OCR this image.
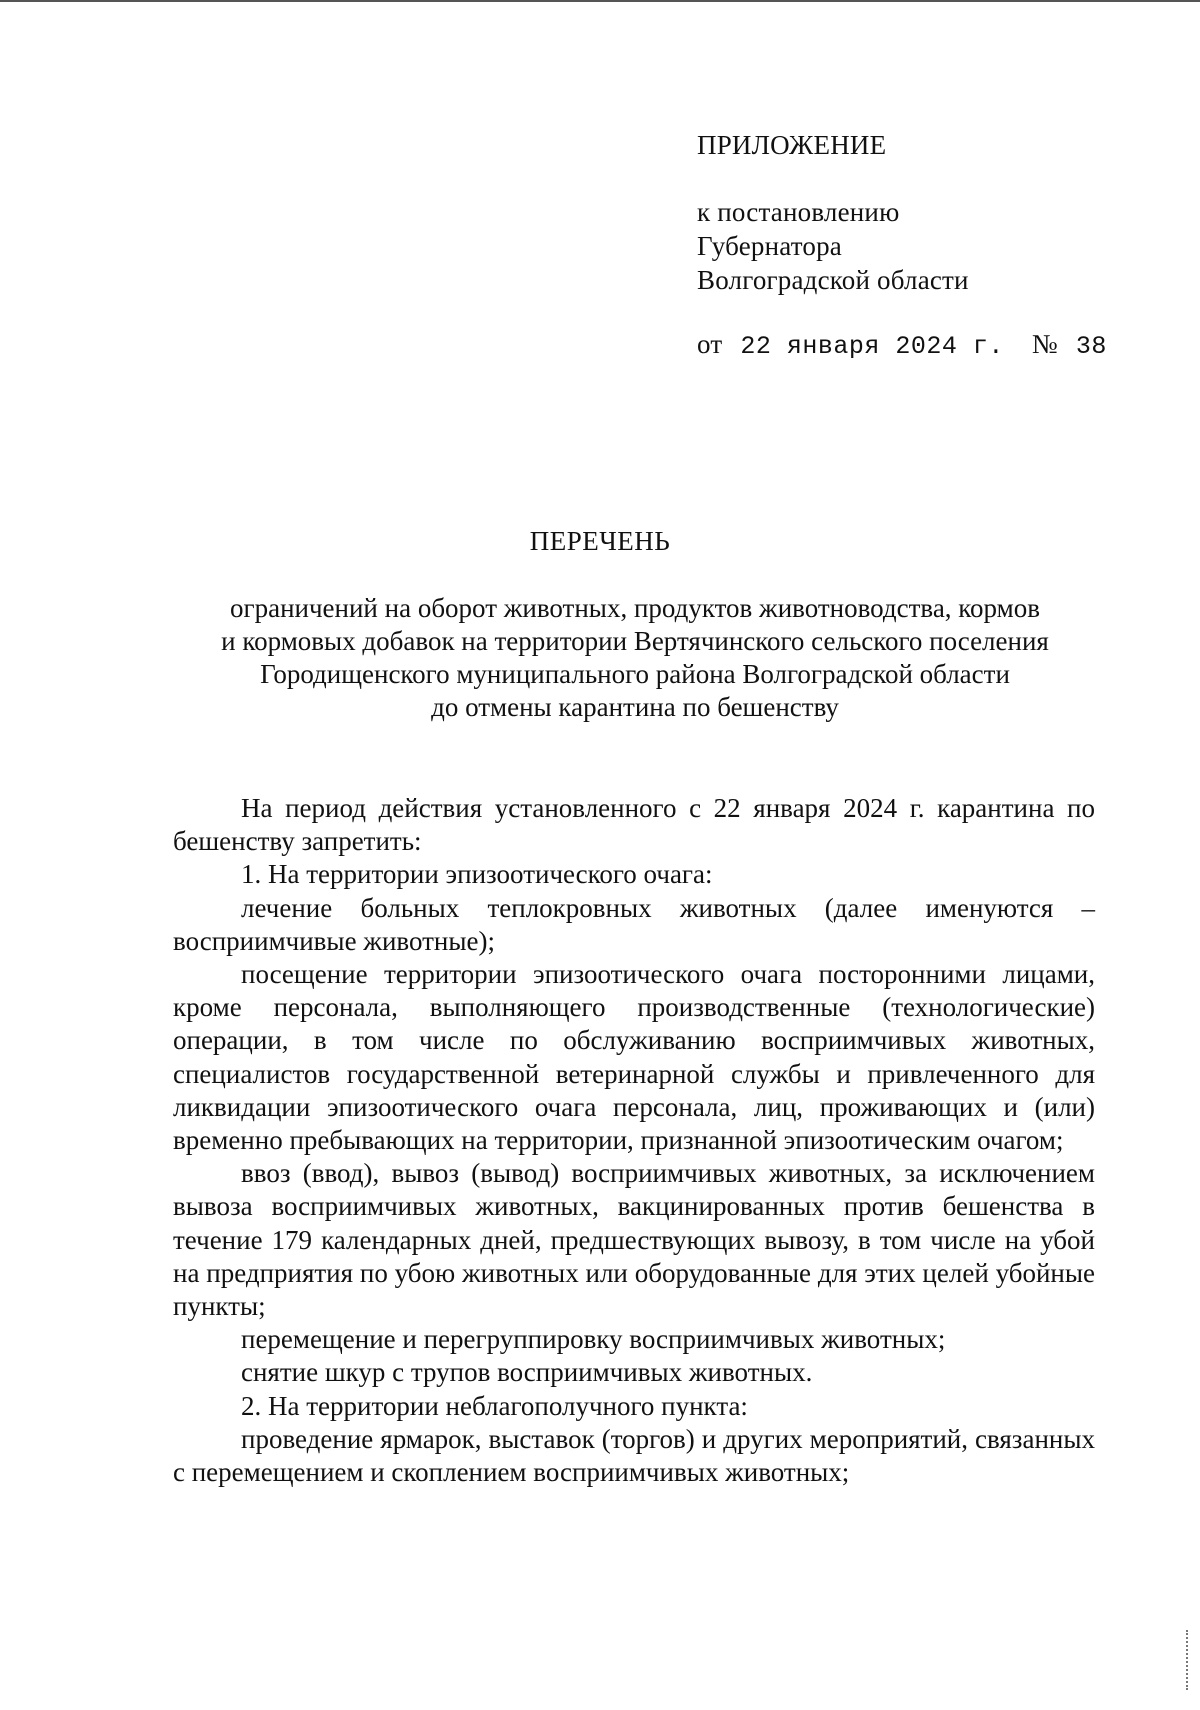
ПРИЛОЖЕНИЕ
к постановлению
Губернатора
Волгоградской области
от 22 января 2024 г. № 38
ПЕРЕЧЕНЬ
ограничений на оборот животных, продуктов животноводства, кормов
и кормовых добавок на территории Вертячинского сельского поселения
Городищенского муниципального района Волгоградской области
до отмены карантина по бешенству

На период действия установленного с 22 января 2024 г. карантина по бешенству запретить:

1. На территории эпизоотического очага:

лечение больных теплокровных животных (далее именуются – восприимчивые животные);

посещение территории эпизоотического очага посторонними лицами, кроме персонала, выполняющего производственные (технологические) операции, в том числе по обслуживанию восприимчивых животных, специалистов государственной ветеринарной службы и привлеченного для ликвидации эпизоотического очага персонала, лиц, проживающих и (или) временно пребывающих на территории, признанной эпизоотическим очагом;

ввоз (ввод), вывоз (вывод) восприимчивых животных, за исключением вывоза восприимчивых животных, вакцинированных против бешенства в течение 179 календарных дней, предшествующих вывозу, в том числе на убой на предприятия по убою животных или оборудованные для этих целей убойные пункты;

перемещение и перегруппировку восприимчивых животных;

снятие шкур с трупов восприимчивых животных.

2. На территории неблагополучного пункта:

проведение ярмарок, выставок (торгов) и других мероприятий, связанных с перемещением и скоплением восприимчивых животных;
